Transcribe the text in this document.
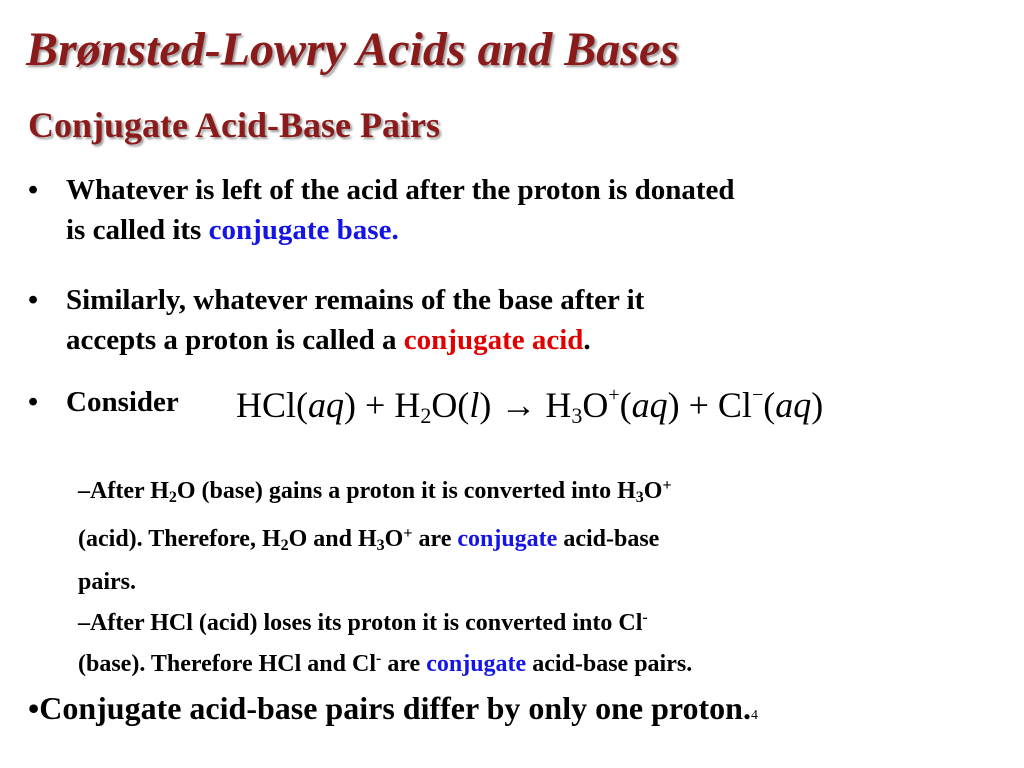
Brønsted-Lowry Acids and Bases
Conjugate Acid-Base Pairs
• Whatever is left of the acid after the proton is donated
is called its conjugate base.
• Similarly, whatever remains of the base after it
accepts a proton is called a conjugate acid.
• Consider	$HCl(aq) + H_2O(l) \to H_3O^+(aq) + Cl^-(aq)$
–After $H_2O$ (base) gains a proton it is converted into $H_3O^+$
(acid). Therefore, $H_2O$ and $H_3O^+$ are conjugate acid-base
pairs.
–After HCl (acid) loses its proton it is converted into Cl-
(base). Therefore HCl and Cl- are conjugate acid-base pairs.
•Conjugate acid-base pairs differ by only one proton.4
